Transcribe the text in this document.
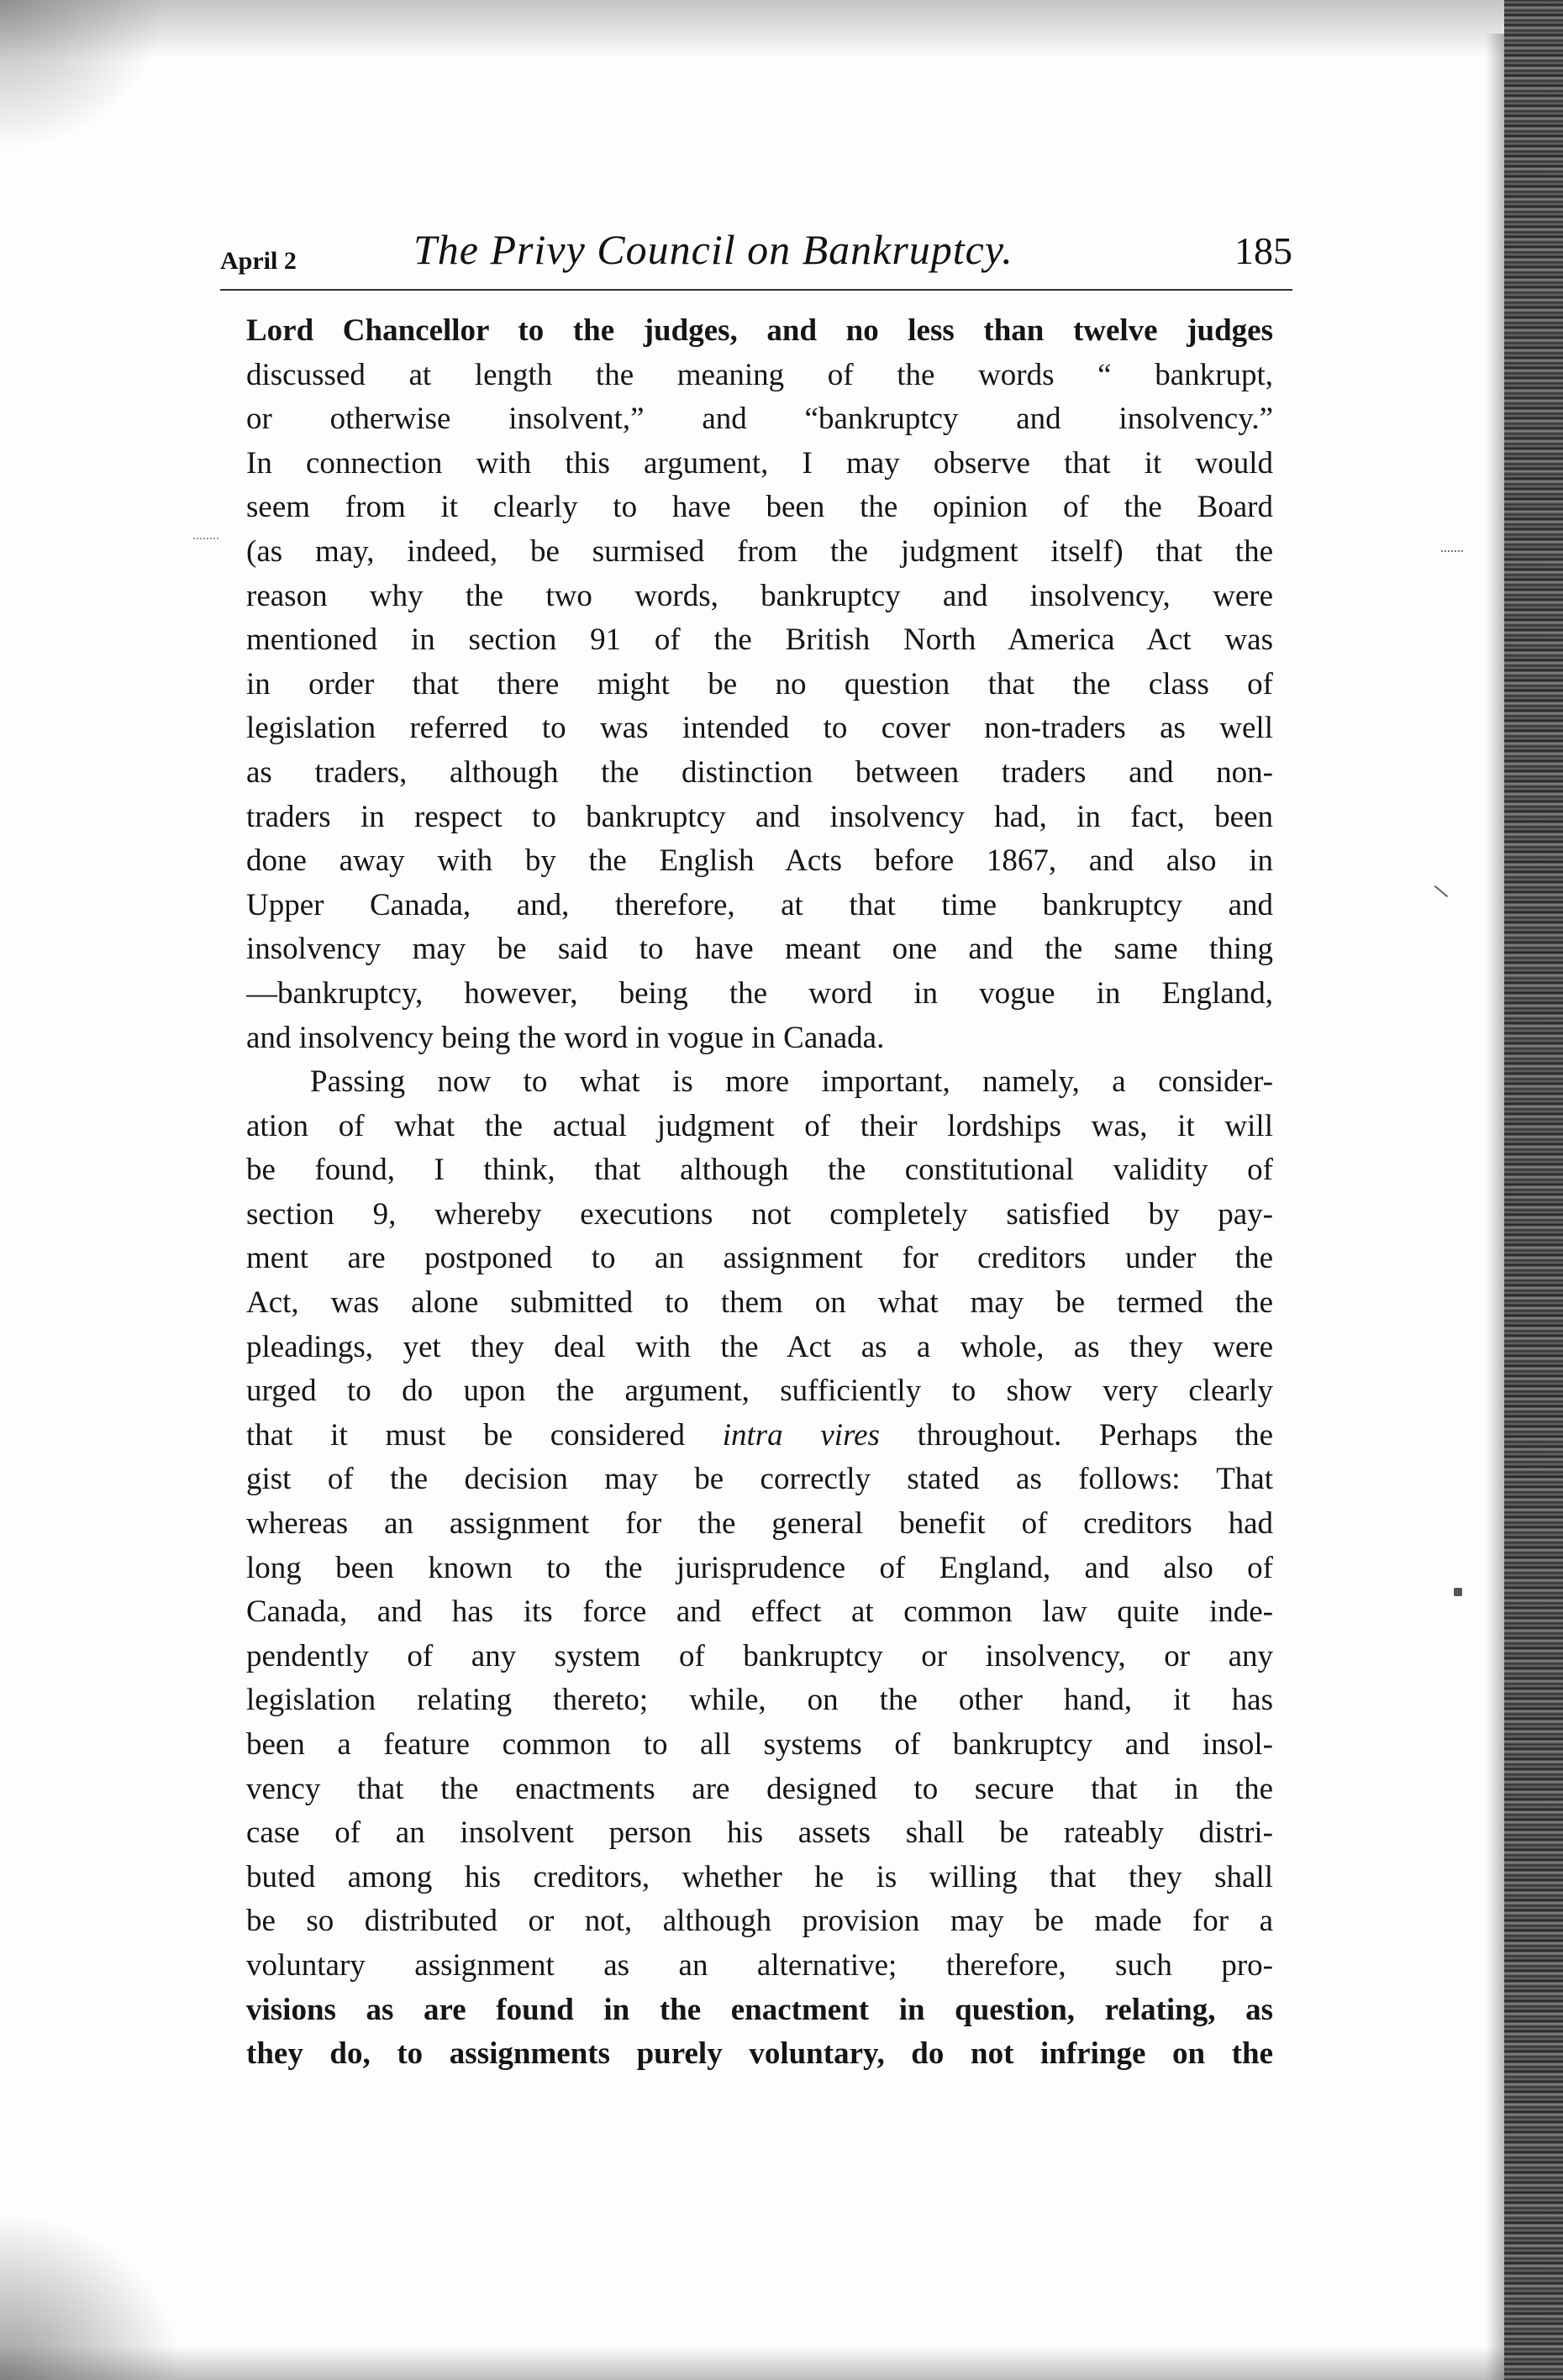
April 2	The Privy Council on Bankruptcy.	185

Lord Chancellor to the judges, and no less than twelve judges
discussed at length the meaning of the words “ bankrupt,
or otherwise insolvent,” and “bankruptcy and insolvency.”
In connection with this argument, I may observe that it would
seem from it clearly to have been the opinion of the Board
(as may, indeed, be surmised from the judgment itself) that the
reason why the two words, bankruptcy and insolvency, were
mentioned in section 91 of the British North America Act was
in order that there might be no question that the class of
legislation referred to was intended to cover non-traders as well
as traders, although the distinction between traders and non-
traders in respect to bankruptcy and insolvency had, in fact, been
done away with by the English Acts before 1867, and also in
Upper Canada, and, therefore, at that time bankruptcy and
insolvency may be said to have meant one and the same thing
—bankruptcy, however, being the word in vogue in England,
and insolvency being the word in vogue in Canada.

Passing now to what is more important, namely, a consider-
ation of what the actual judgment of their lordships was, it will
be found, I think, that although the constitutional validity of
section 9, whereby executions not completely satisfied by pay-
ment are postponed to an assignment for creditors under the
Act, was alone submitted to them on what may be termed the
pleadings, yet they deal with the Act as a whole, as they were
urged to do upon the argument, sufficiently to show very clearly
that it must be considered intra vires throughout. Perhaps the
gist of the decision may be correctly stated as follows: That
whereas an assignment for the general benefit of creditors had
long been known to the jurisprudence of England, and also of
Canada, and has its force and effect at common law quite inde-
pendently of any system of bankruptcy or insolvency, or any
legislation relating thereto; while, on the other hand, it has
been a feature common to all systems of bankruptcy and insol-
vency that the enactments are designed to secure that in the
case of an insolvent person his assets shall be rateably distri-
buted among his creditors, whether he is willing that they shall
be so distributed or not, although provision may be made for a
voluntary assignment as an alternative; therefore, such pro-
visions as are found in the enactment in question, relating, as
they do, to assignments purely voluntary, do not infringe on the
